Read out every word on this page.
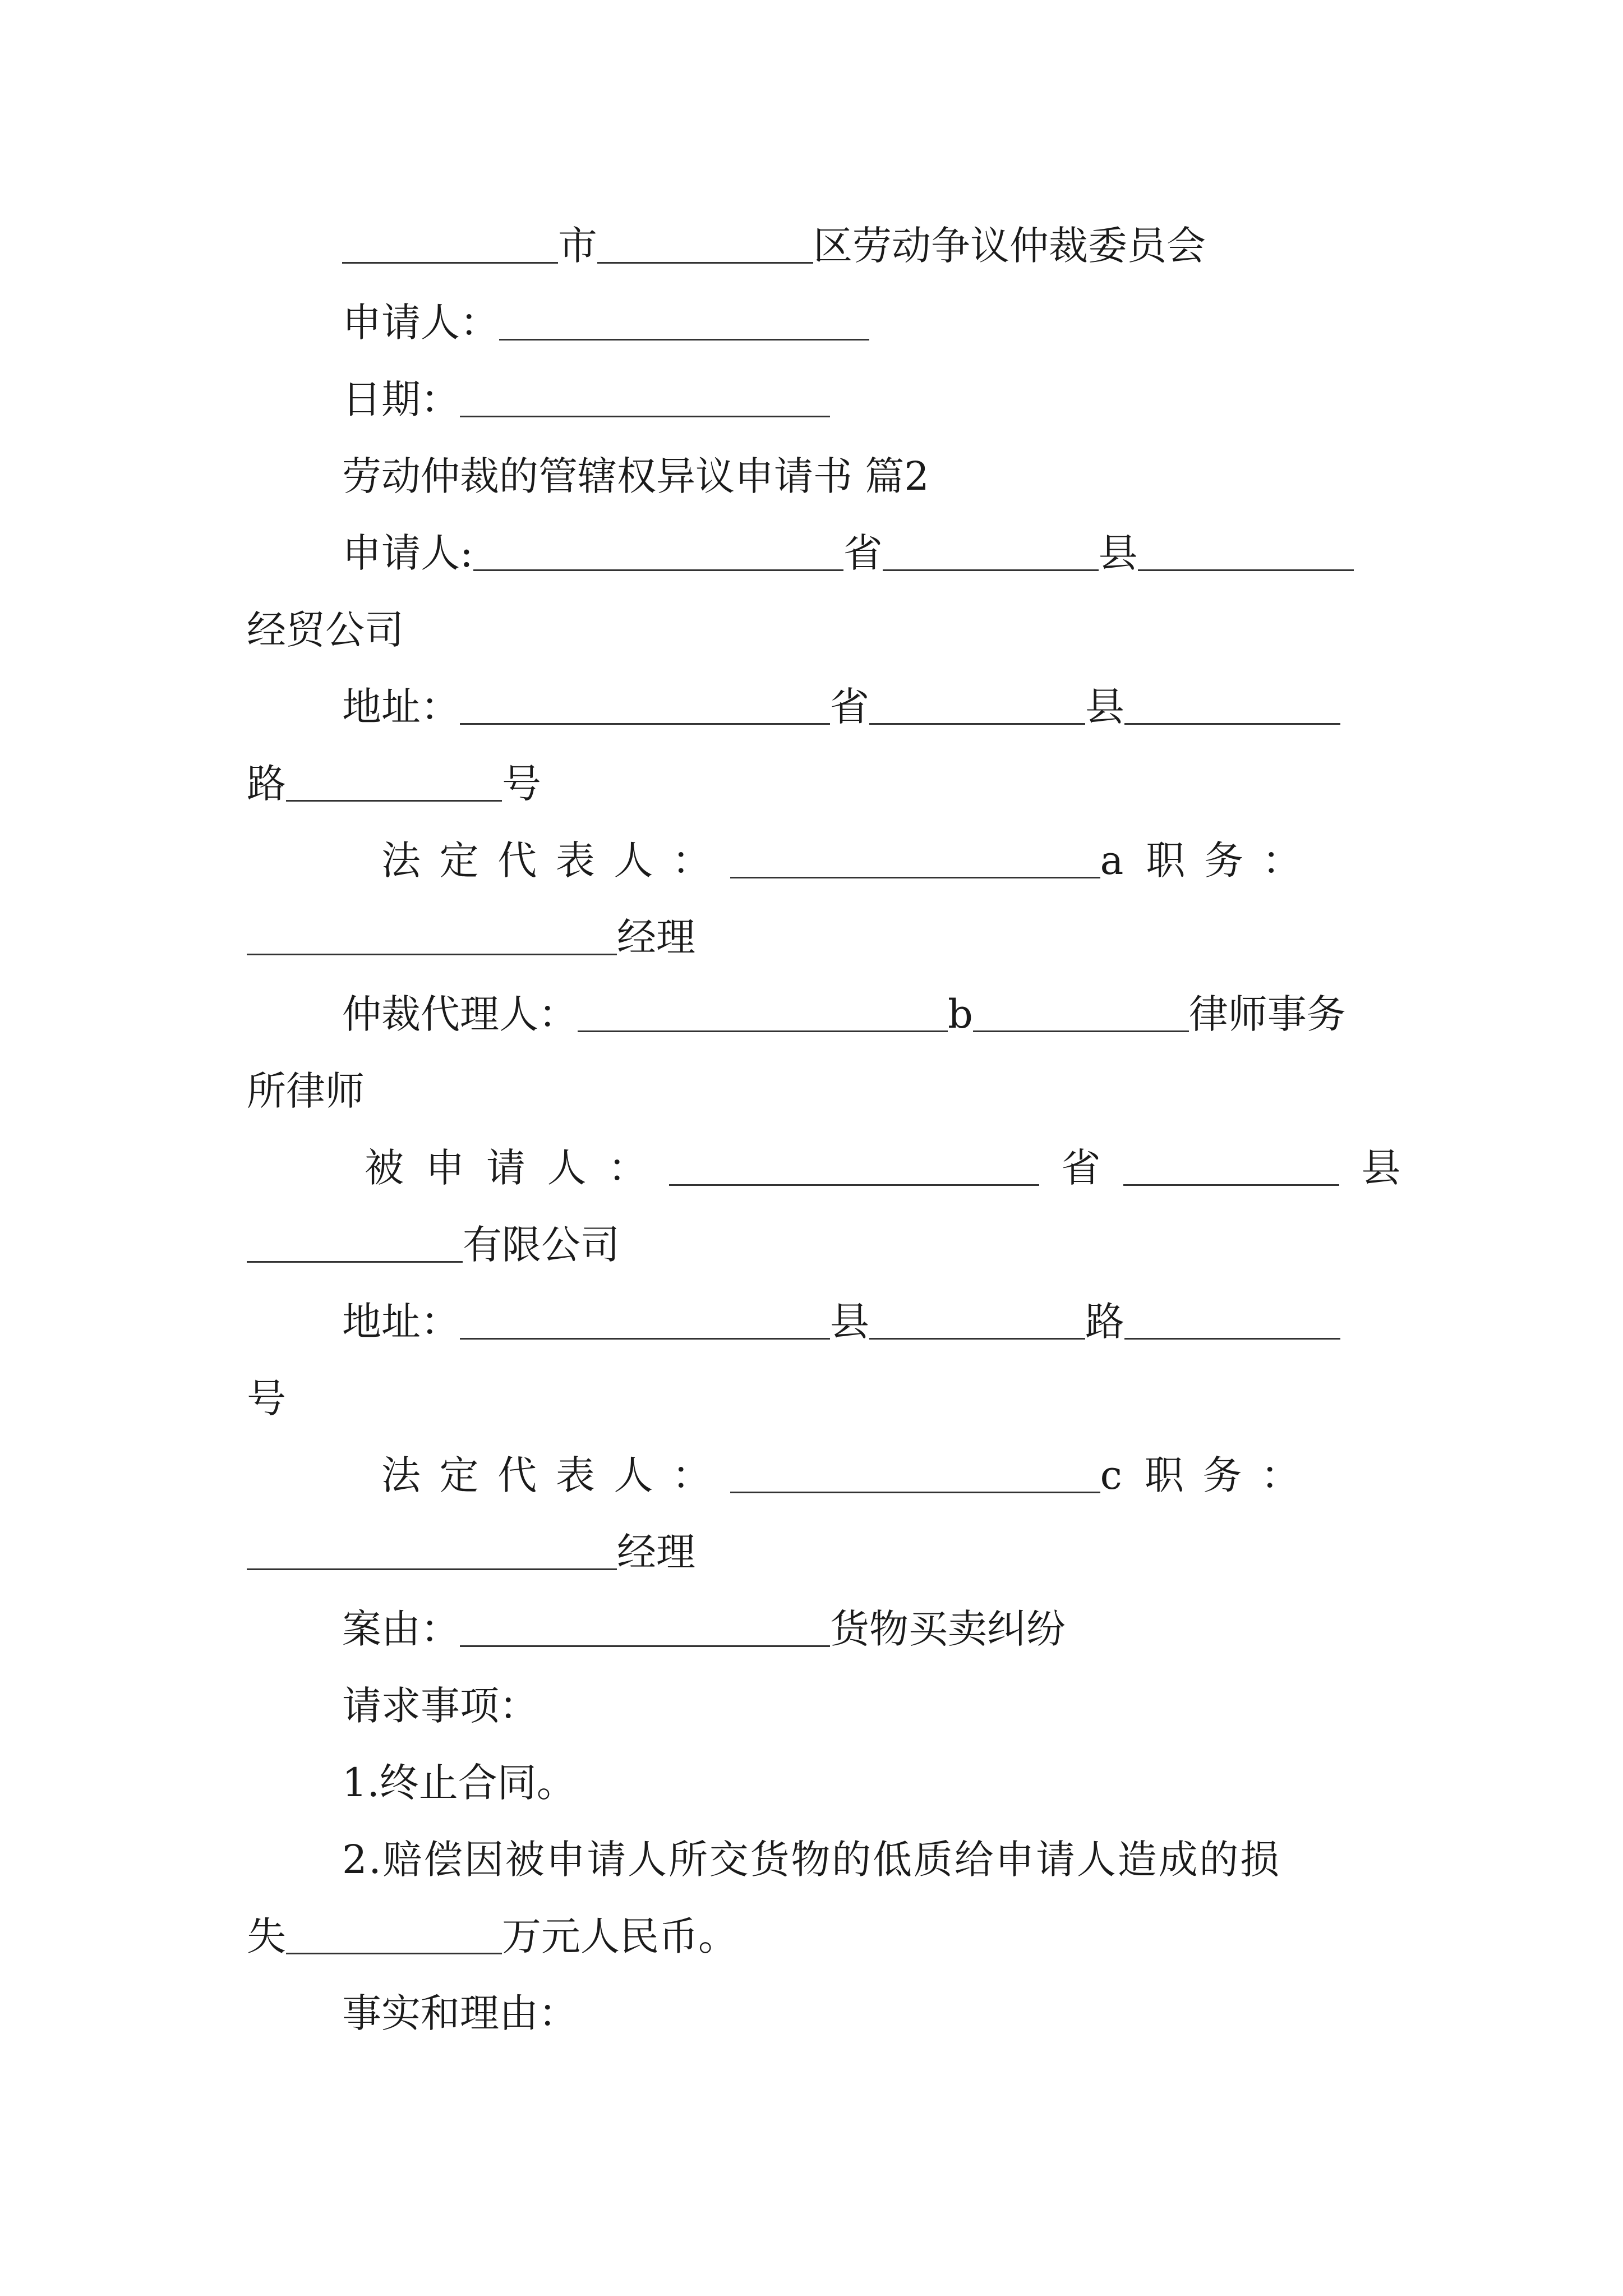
市	区劳动争议仲裁委员会
申请人：
日期：
劳动仲裁的管辖权异议申请书 篇2
申请人:	省	县
经贸公司
地址：	省	县
路	号
法定代表人：	a 职务：
经理
仲裁代理人：	b	律师事务
所律师
被申请人：	省	县
有限公司
地址：	县	路
号
法定代表人：	c 职务：
经理
案由：	货物买卖纠纷
请求事项：
1.终止合同。
2.赔偿因被申请人所交货物的低质给申请人造成的损
失	万元人民币。
事实和理由：
